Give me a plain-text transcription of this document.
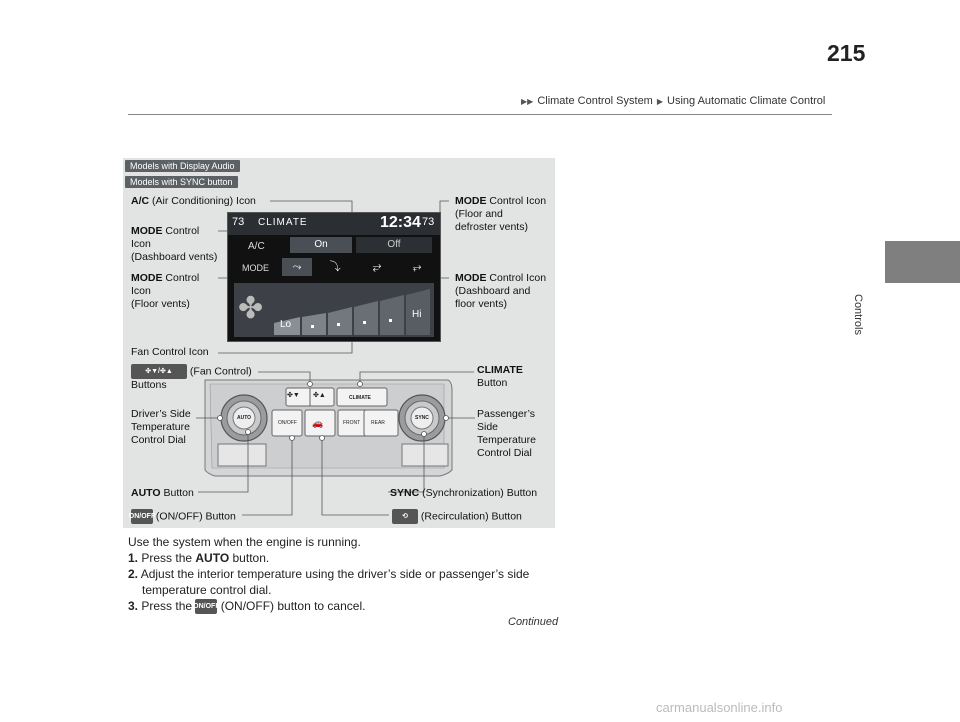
215
▶▶ Climate Control System ▶ Using Automatic Climate Control
Controls
Models with Display Audio
Models with SYNC button
73 CLIMATE	12:34 73
A/C	On	Off
MODE	⤳	⤵	⥂	⥅
✤ Lo
Hi
CLIMATE
✤▼ ✤▲
AUTO	SYNC
ON/OFF 🚗	FRONT REAR
A/C (Air Conditioning) Icon
MODE Control
Icon
(Dashboard vents)
MODE Control
Icon
(Floor vents)
MODE Control Icon
(Floor and
defroster vents)
MODE Control Icon
(Dashboard and
floor vents)
Fan Control Icon
✤▼/✤▲ (Fan Control)
Buttons
CLIMATE
Button
Driver’s Side
Temperature
Control Dial
Passenger’s
Side
Temperature
Control Dial
AUTO Button	SYNC (Synchronization) Button
ON/OFF (ON/OFF) Button	⟲ (Recirculation) Button
Use the system when the engine is running.
1. Press the AUTO button.
2. Adjust the interior temperature using the driver’s side or passenger’s side
temperature control dial.
3. Press the ON/OFF (ON/OFF) button to cancel.
Continued
carmanualsonline.info
